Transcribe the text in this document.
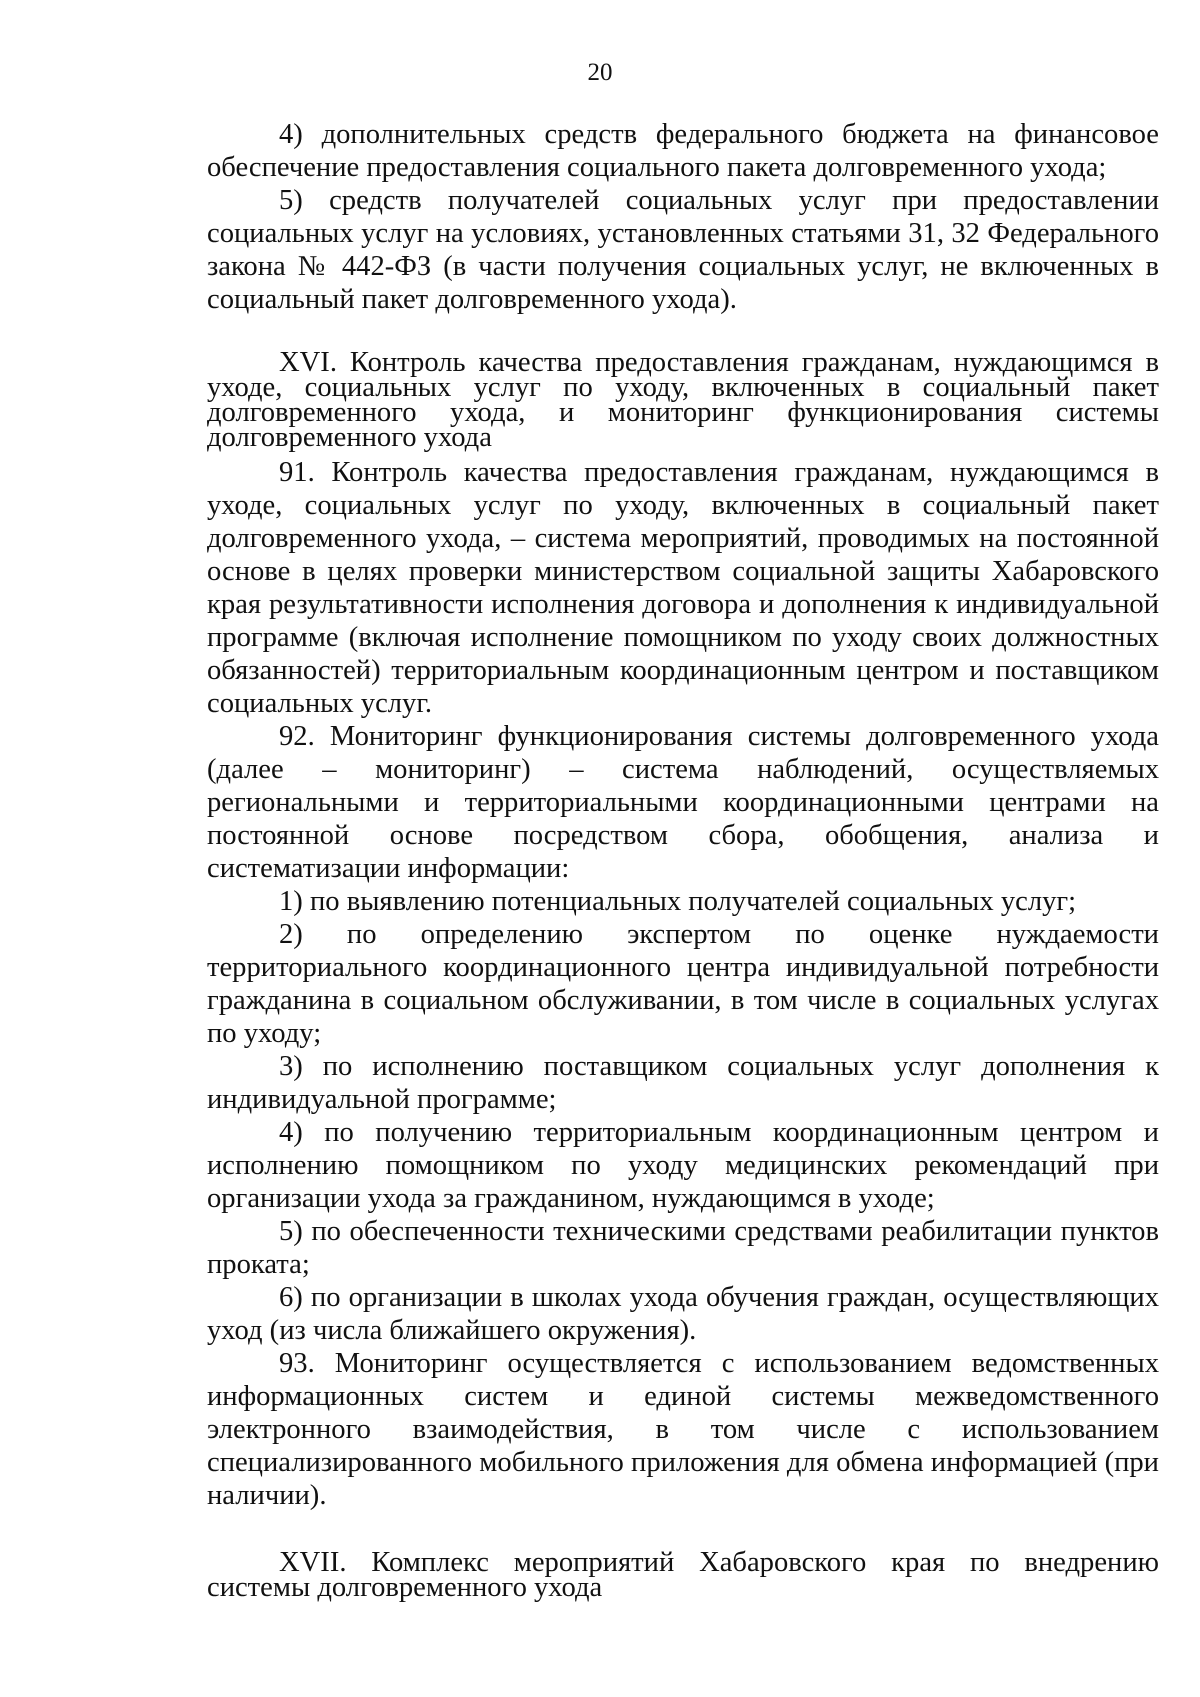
20

4) дополнительных средств федерального бюджета на финансовое обеспечение предоставления социального пакета долговременного ухода;

5) средств получателей социальных услуг при предоставлении социальных услуг на условиях, установленных статьями 31, 32 Федерального закона № 442-ФЗ (в части получения социальных услуг, не включенных в социальный пакет долговременного ухода).

XVI. Контроль качества предоставления гражданам, нуждающимся в уходе, социальных услуг по уходу, включенных в социальный пакет долговременного ухода, и мониторинг функционирования системы долговременного ухода

91. Контроль качества предоставления гражданам, нуждающимся в уходе, социальных услуг по уходу, включенных в социальный пакет долговременного ухода, – система мероприятий, проводимых на постоянной основе в целях проверки министерством социальной защиты Хабаровского края результативности исполнения договора и дополнения к индивидуальной программе (включая исполнение помощником по уходу своих должностных обязанностей) территориальным координационным центром и поставщиком социальных услуг.

92. Мониторинг функционирования системы долговременного ухода (далее – мониторинг) – система наблюдений, осуществляемых региональными и территориальными координационными центрами на постоянной основе посредством сбора, обобщения, анализа и систематизации информации:

1) по выявлению потенциальных получателей социальных услуг;

2) по определению экспертом по оценке нуждаемости территориального координационного центра индивидуальной потребности гражданина в социальном обслуживании, в том числе в социальных услугах по уходу;

3) по исполнению поставщиком социальных услуг дополнения к индивидуальной программе;

4) по получению территориальным координационным центром и исполнению помощником по уходу медицинских рекомендаций при организации ухода за гражданином, нуждающимся в уходе;

5) по обеспеченности техническими средствами реабилитации пунктов проката;

6) по организации в школах ухода обучения граждан, осуществляющих уход (из числа ближайшего окружения).

93. Мониторинг осуществляется с использованием ведомственных информационных систем и единой системы межведомственного электронного взаимодействия, в том числе с использованием специализированного мобильного приложения для обмена информацией (при наличии).

XVII. Комплекс мероприятий Хабаровского края по внедрению системы долговременного ухода
